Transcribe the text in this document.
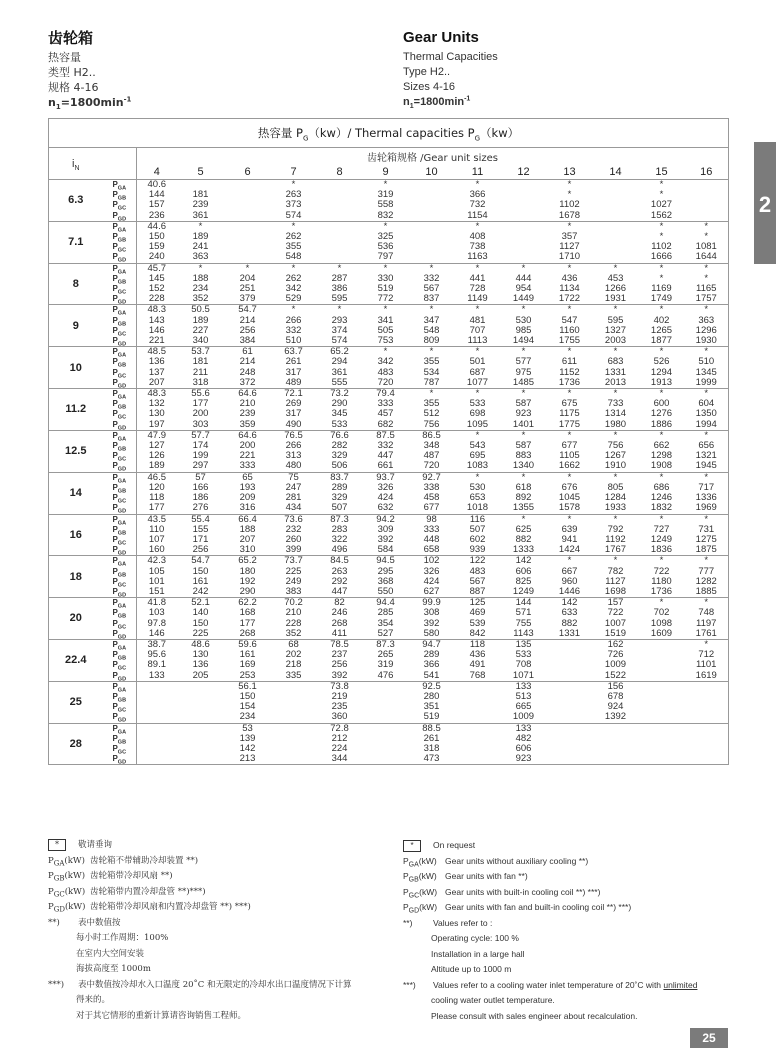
齿轮箱
热容量
类型 H2..
规格 4-16
$n_1=1800\min^{-1}$
Gear Units
Thermal Capacities
Type H2..
Sizes 4-16
$n_1=1800\min^{-1}$
热容量 $P_G(kw)/$ Thermal capacities $P_G(kw)$														
$i_N$		齿轮箱规格 /Gear unit sizes												
		4	5	6	7	8	9	10	11	12	13	14	15	16
6.3	$P_{GA}$	40.6			*		*		*		*		*	
	$P_{GB}$	144	181		263		319		366		*		*	
	$P_{GC}$	157	239		373		558		732		1102		1027	
	$P_{GD}$	236	361		574		832		1154		1678		1562	
7.1	$P_{GA}$	44.6	*		*		*		*		*		*	*
	$P_{GB}$	150	189		262		325		408		357		*	*
	$P_{GC}$	159	241		355		536		738		1127		1102	1081
	$P_{GD}$	240	363		548		797		1163		1710		1666	1644
8	$P_{GA}$	45.7	*	*	*	*	*	*	*	*	*	*	*	*
	$P_{GB}$	145	188	204	262	287	330	332	441	444	436	453	*	*
	$P_{GC}$	152	234	251	342	386	519	567	728	954	1134	1266	1169	1165
	$P_{GD}$	228	352	379	529	595	772	837	1149	1449	1722	1931	1749	1757
9	$P_{GA}$	48.3	50.5	54.7	*	*	*	*	*	*	*	*	*	*
	$P_{GB}$	143	189	214	266	293	341	347	481	530	547	595	402	363
	$P_{GC}$	146	227	256	332	374	505	548	707	985	1160	1327	1265	1296
	$P_{GD}$	221	340	384	510	574	753	809	1113	1494	1755	2003	1877	1930
10	$P_{GA}$	48.5	53.7	61	63.7	65.2	*	*	*	*	*	*	*	*
	$P_{GB}$	136	181	214	261	294	342	355	501	577	611	683	526	510
	$P_{GC}$	137	211	248	317	361	483	534	687	975	1152	1331	1294	1345
	$P_{GD}$	207	318	372	489	555	720	787	1077	1485	1736	2013	1913	1999
11.2	$P_{GA}$	48.3	55.6	64.6	72.1	73.2	79.4	*	*	*	*	*	*	*
	$P_{GB}$	132	177	210	269	290	333	355	533	587	675	733	600	604
	$P_{GC}$	130	200	239	317	345	457	512	698	923	1175	1314	1276	1350
	$P_{GD}$	197	303	359	490	533	682	756	1095	1401	1775	1980	1886	1994
12.5	$P_{GA}$	47.9	57.7	64.6	76.5	76.6	87.5	86.5	*	*	*	*	*	*
	$P_{GB}$	127	174	200	266	282	332	348	543	587	677	756	662	656
	$P_{GC}$	126	199	221	313	329	447	487	695	883	1105	1267	1298	1321
	$P_{GD}$	189	297	333	480	506	661	720	1083	1340	1662	1910	1908	1945
14	$P_{GA}$	46.5	57	65	75	83.7	93.7	92.7	*	*	*	*	*	*
	$P_{GB}$	120	166	193	247	289	326	338	530	618	676	805	686	717
	$P_{GC}$	118	186	209	281	329	424	458	653	892	1045	1284	1246	1336
	$P_{GD}$	177	276	316	434	507	632	677	1018	1355	1578	1933	1832	1969
16	$P_{GA}$	43.5	55.4	66.4	73.6	87.3	94.2	98	116	*	*	*	*	*
	$P_{GB}$	110	155	188	232	283	309	333	507	625	639	792	727	731
	$P_{GC}$	107	171	207	260	322	392	448	602	882	941	1192	1249	1275
	$P_{GD}$	160	256	310	399	496	584	658	939	1333	1424	1767	1836	1875
18	$P_{GA}$	42.3	54.7	65.2	73.7	84.5	94.5	102	122	142	*	*	*	*
	$P_{GB}$	105	150	180	225	263	295	326	483	606	667	782	722	777
	$P_{GC}$	101	161	192	249	292	368	424	567	825	960	1127	1180	1282
	$P_{GD}$	151	242	290	383	447	550	627	887	1249	1446	1698	1736	1885
20	$P_{GA}$	41.8	52.1	62.2	70.2	82	94.4	99.9	125	144	142	157	*	*
	$P_{GB}$	103	140	168	210	246	285	308	469	571	633	722	702	748
	$P_{GC}$	97.8	150	177	228	268	354	392	539	755	882	1007	1098	1197
	$P_{GD}$	146	225	268	352	411	527	580	842	1143	1331	1519	1609	1761
22.4	$P_{GA}$	38.7	48.6	59.6	68	78.5	87.3	94.7	118	135		162		*
	$P_{GB}$	95.6	130	161	202	237	265	289	436	533		726		712
	$P_{GC}$	89.1	136	169	218	256	319	366	491	708		1009		1101
	$P_{GD}$	133	205	253	335	392	476	541	768	1071		1522		1619
25	$P_{GA}$			56.1		73.8		92.5		133		156		
	$P_{GB}$			150		219		280		513		678		
	$P_{GC}$			154		235		351		665		924		
	$P_{GD}$			234		360		519		1009		1392		
28	$P_{GA}$			53		72.8		88.5		133				
	$P_{GB}$			139		212		261		482				
	$P_{GC}$			142		224		318		606				
	$P_{GD}$			213		344		473		923				
* 敬请垂询
$P_{GA}(kW)$ 齿轮箱不带辅助冷却装置 **)
$P_{GB}(kW)$ 齿轮箱带冷却风扇 **)
$P_{GC}(kW)$ 齿轮箱带内置冷却盘管 **)***)
$P_{GD}(kW)$ 齿轮箱带冷却风扇和内置冷却盘管 **) ***)
**) 表中数值按
每小时工作周期：100%
在室内大空间安装
海拔高度至 1000m
***) 表中数值按冷却水入口温度 20˚C 和无限定的冷却水出口温度情况下计算
得来的。
对于其它情形的重新计算请咨询销售工程师。
* On request
$P_{GA}(kW)$ Gear units without auxiliary cooling **)
$P_{GB}(kW)$ Gear units with fan **)
$P_{GC}(kW)$ Gear units with built-in cooling coil **) ***)
$P_{GD}(kW)$ Gear units with fan and built-in cooling coil **) ***)
**) Values refer to :
Operating cycle: 100 %
Installation in a large hall
Altitude up to 1000 m
***) Values refer to a cooling water inlet temperature of 20˚C with unlimited
cooling water outlet temperature.
Please consult with sales engineer about recalculation.
2
25
